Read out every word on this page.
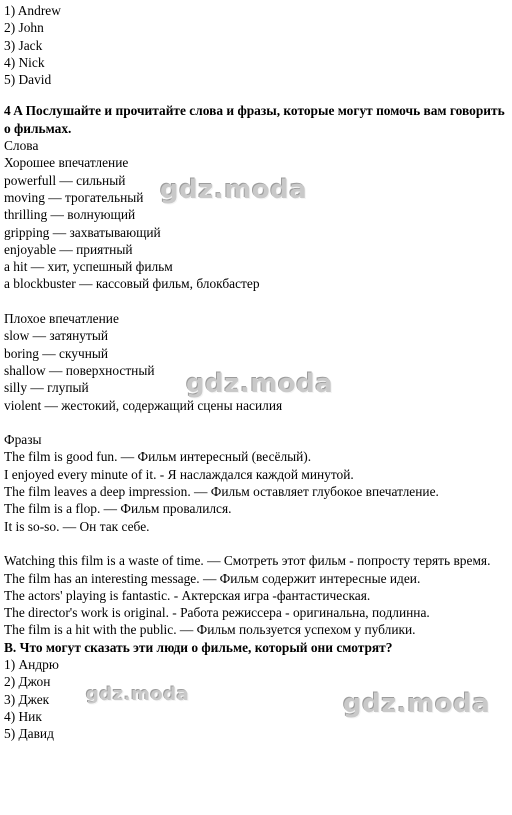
1) Andrew
2) John
3) Jack
4) Nick
5) David
4 A Послушайте и прочитайте слова и фразы, которые могут помочь вам говорить о фильмах.
Слова
Хорошее впечатление
powerfull — сильный
moving — трогательный
thrilling — волнующий
gripping — захватывающий
enjoyable — приятный
a hit — хит, успешный фильм
a blockbuster — кассовый фильм, блокбастер
Плохое впечатление
slow — затянутый
boring — скучный
shallow — поверхностный
silly — глупый
violent — жестокий, содержащий сцены насилия
Фразы
The film is good fun. — Фильм интересный (весёлый).
I enjoyed every minute of it. - Я наслаждался каждой минутой.
The film leaves a deep impression. — Фильм оставляет глубокое впечатление.
The film is a flop. — Фильм провалился.
It is so-so. — Он так себе.
Watching this film is a waste of time. — Смотреть этот фильм - попросту терять время.
The film has an interesting message. — Фильм содержит интересные идеи.
The actors' playing is fantastic. - Актерская игра -фантастическая.
The director's work is original. - Работа режиссера - оригинальна, подлинна.
The film is a hit with the public. — Фильм пользуется успехом у публики.
B. Что могут сказать эти люди о фильме, который они смотрят?
1) Андрю
2) Джон
3) Джек
4) Ник
5) Давид
gdz.moda
gdz.moda
gdz.moda	gdz.moda
